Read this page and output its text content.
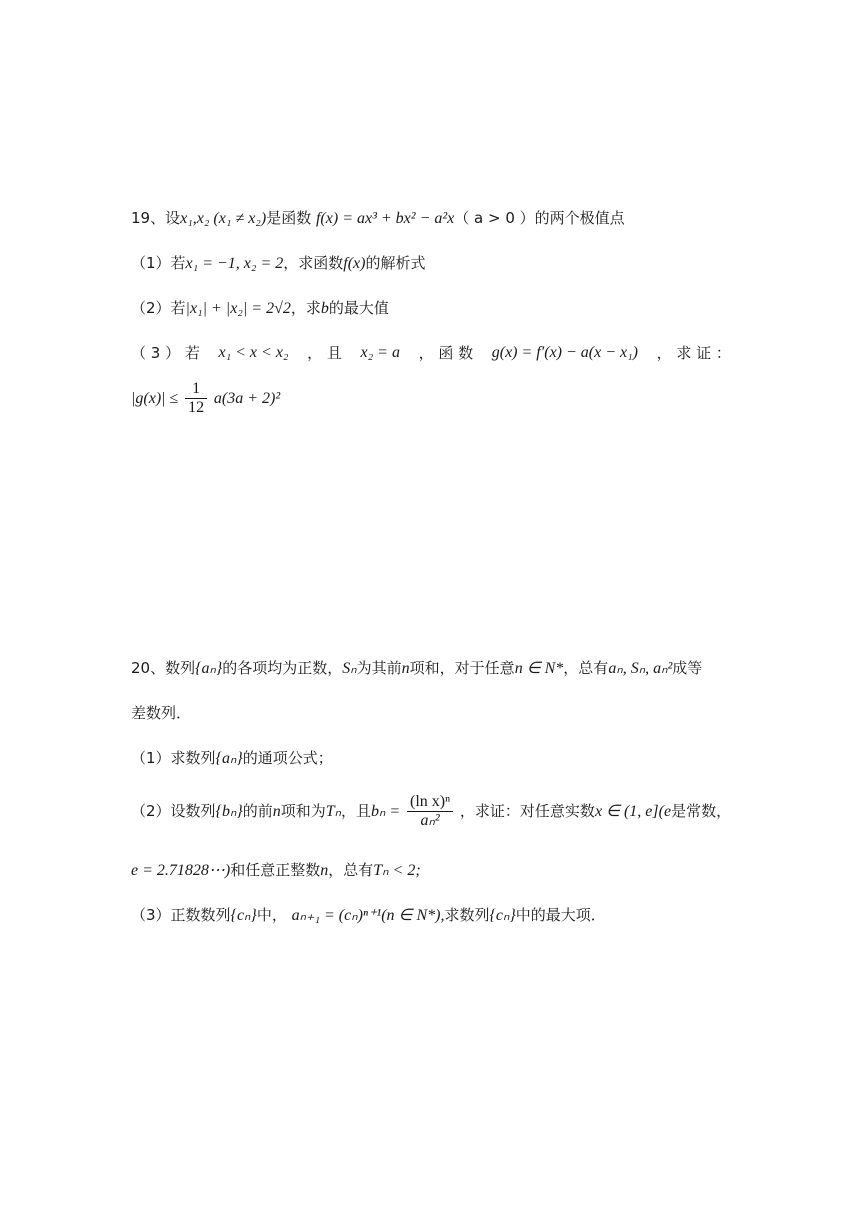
19、设x₁,x₂ (x₁ ≠ x₂)是函数 f(x) = ax³ + bx² − a²x（ a > 0 ）的两个极值点
（1）若x₁ = −1, x₂ = 2，求函数f(x)的解析式
（2）若|x₁| + |x₂| = 2√2，求b的最大值
（ 3 ） 若 x₁ < x < x₂ ， 且 x₂ = a ， 函 数 g(x) = f′(x) − a(x − x₁) ， 求 证 ：
$|g(x)| \le \frac{1}{12} a(3a + 2)^2$
20、数列{aₙ}的各项均为正数，Sₙ为其前n项和，对于任意n ∈ N*，总有aₙ, Sₙ, aₙ²成等
差数列．
（1）求数列{aₙ}的通项公式；
（2）设数列{bₙ}的前n项和为Tₙ，且$b_n = \frac{\text{(ln x)ⁿ}}{\text{aₙ²}}$ ，求证：对任意实数x ∈ (1, e](e是常数，
e = 2.71828⋯)和任意正整数n，总有Tₙ < 2;
（3）正数数列{cₙ}中， aₙ₊₁ = (cₙ)ⁿ⁺¹(n ∈ N*),求数列{cₙ}中的最大项．
